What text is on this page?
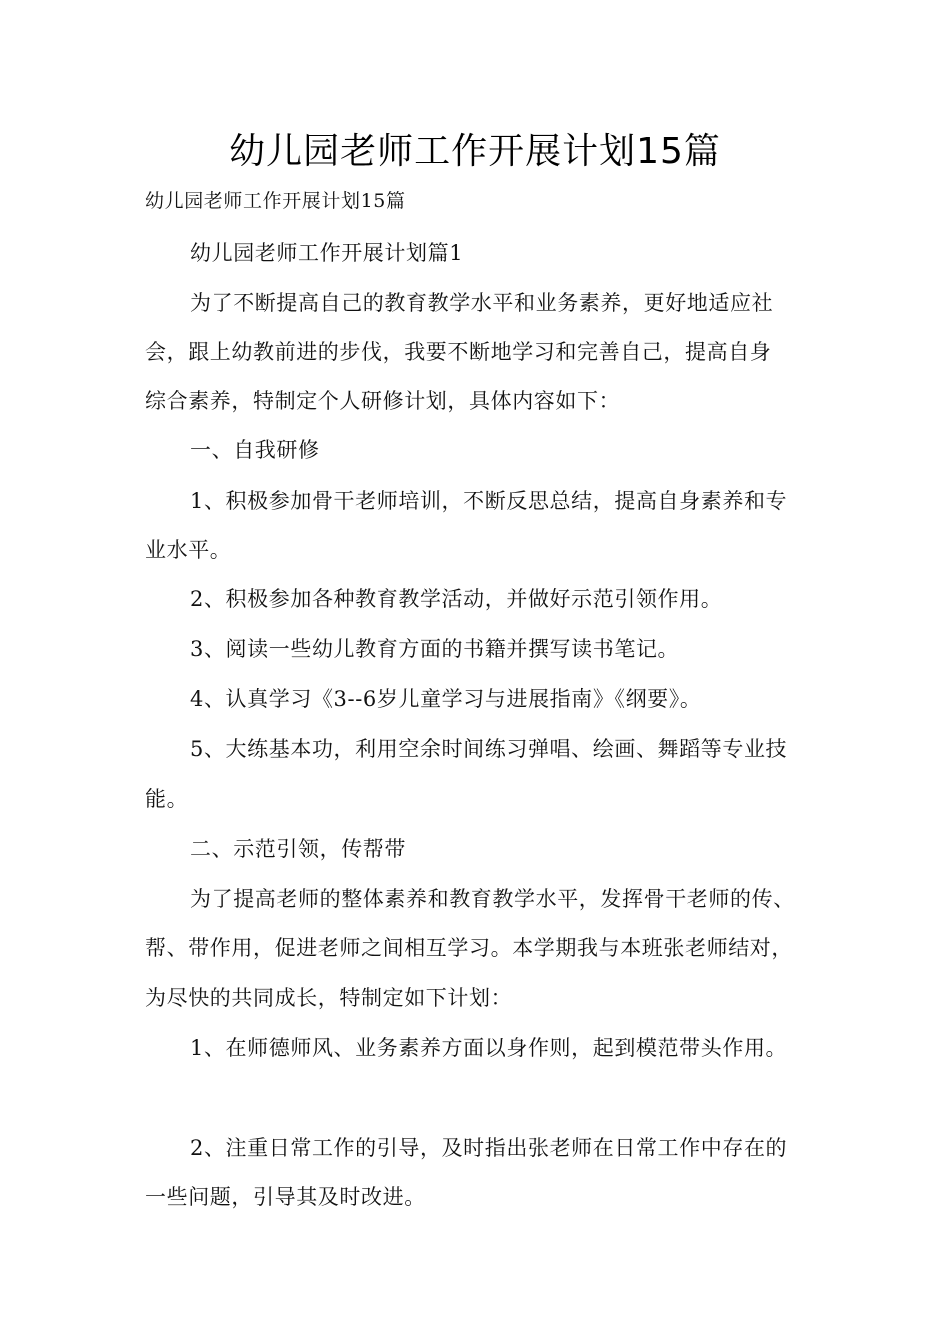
幼儿园老师工作开展计划15篇
幼儿园老师工作开展计划15篇
幼儿园老师工作开展计划篇1
为了不断提高自己的教育教学水平和业务素养，更好地适应社
会，跟上幼教前进的步伐，我要不断地学习和完善自己，提高自身
综合素养，特制定个人研修计划，具体内容如下：
一、自我研修
1、积极参加骨干老师培训，不断反思总结，提高自身素养和专
业水平。
2、积极参加各种教育教学活动，并做好示范引领作用。
3、阅读一些幼儿教育方面的书籍并撰写读书笔记。
4、认真学习《3--6岁儿童学习与进展指南》《纲要》。
5、大练基本功，利用空余时间练习弹唱、绘画、舞蹈等专业技
能。
二、示范引领，传帮带
为了提高老师的整体素养和教育教学水平，发挥骨干老师的传、
帮、带作用，促进老师之间相互学习。本学期我与本班张老师结对，
为尽快的共同成长，特制定如下计划：
1、在师德师风、业务素养方面以身作则，起到模范带头作用。
2、注重日常工作的引导，及时指出张老师在日常工作中存在的
一些问题，引导其及时改进。
